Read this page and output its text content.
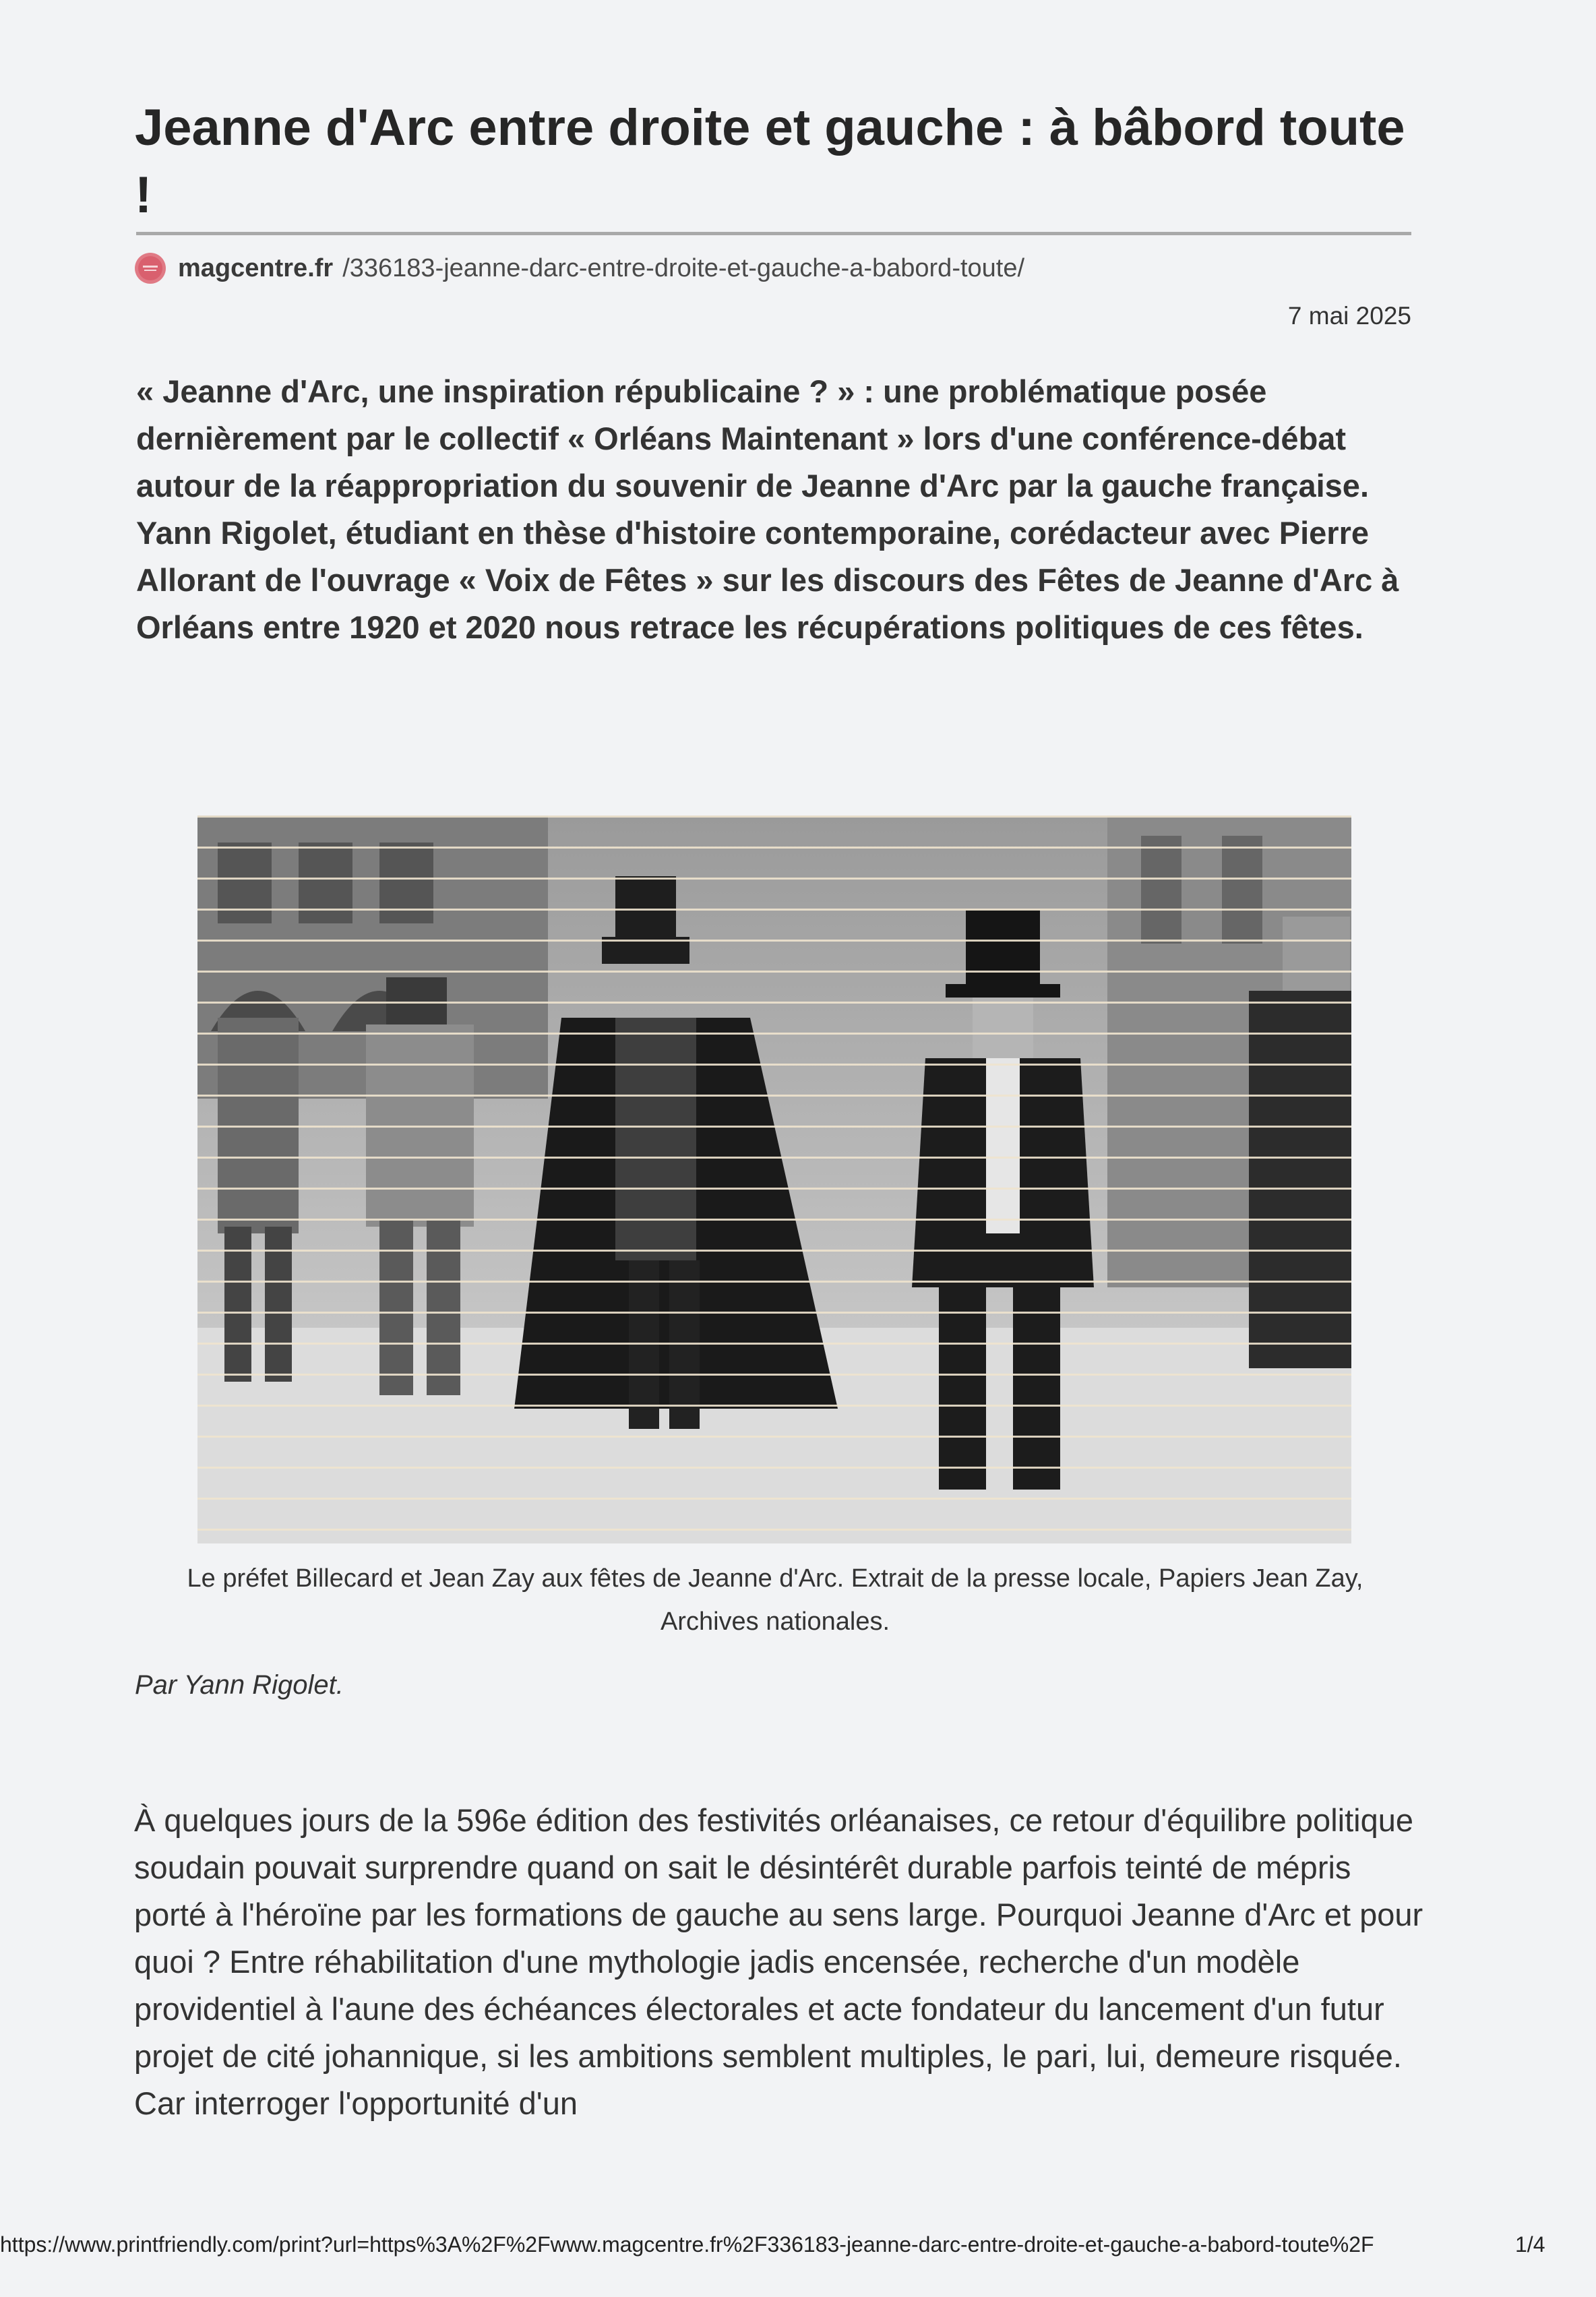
Jeanne d'Arc entre droite et gauche : à bâbord toute !
magcentre.fr /336183-jeanne-darc-entre-droite-et-gauche-a-babord-toute/
7 mai 2025

« Jeanne d'Arc, une inspiration républicaine ? » : une problématique posée dernièrement par le collectif « Orléans Maintenant » lors d'une conférence-débat autour de la réappropriation du souvenir de Jeanne d'Arc par la gauche française. Yann Rigolet, étudiant en thèse d'histoire contemporaine, corédacteur avec Pierre Allorant de l'ouvrage « Voix de Fêtes » sur les discours des Fêtes de Jeanne d'Arc à Orléans entre 1920 et 2020 nous retrace les récupérations politiques de ces fêtes.

Le préfet Billecard et Jean Zay aux fêtes de Jeanne d'Arc. Extrait de la presse locale, Papiers Jean Zay, Archives nationales.

Par Yann Rigolet.

À quelques jours de la 596e édition des festivités orléanaises, ce retour d'équilibre politique soudain pouvait surprendre quand on sait le désintérêt durable parfois teinté de mépris porté à l'héroïne par les formations de gauche au sens large. Pourquoi Jeanne d'Arc et pour quoi ? Entre réhabilitation d'une mythologie jadis encensée, recherche d'un modèle providentiel à l'aune des échéances électorales et acte fondateur du lancement d'un futur projet de cité johannique, si les ambitions semblent multiples, le pari, lui, demeure risquée. Car interroger l'opportunité d'un

https://www.printfriendly.com/print?url=https%3A%2F%2Fwww.magcentre.fr%2F336183-jeanne-darc-entre-droite-et-gauche-a-babord-toute%2F	1/4
